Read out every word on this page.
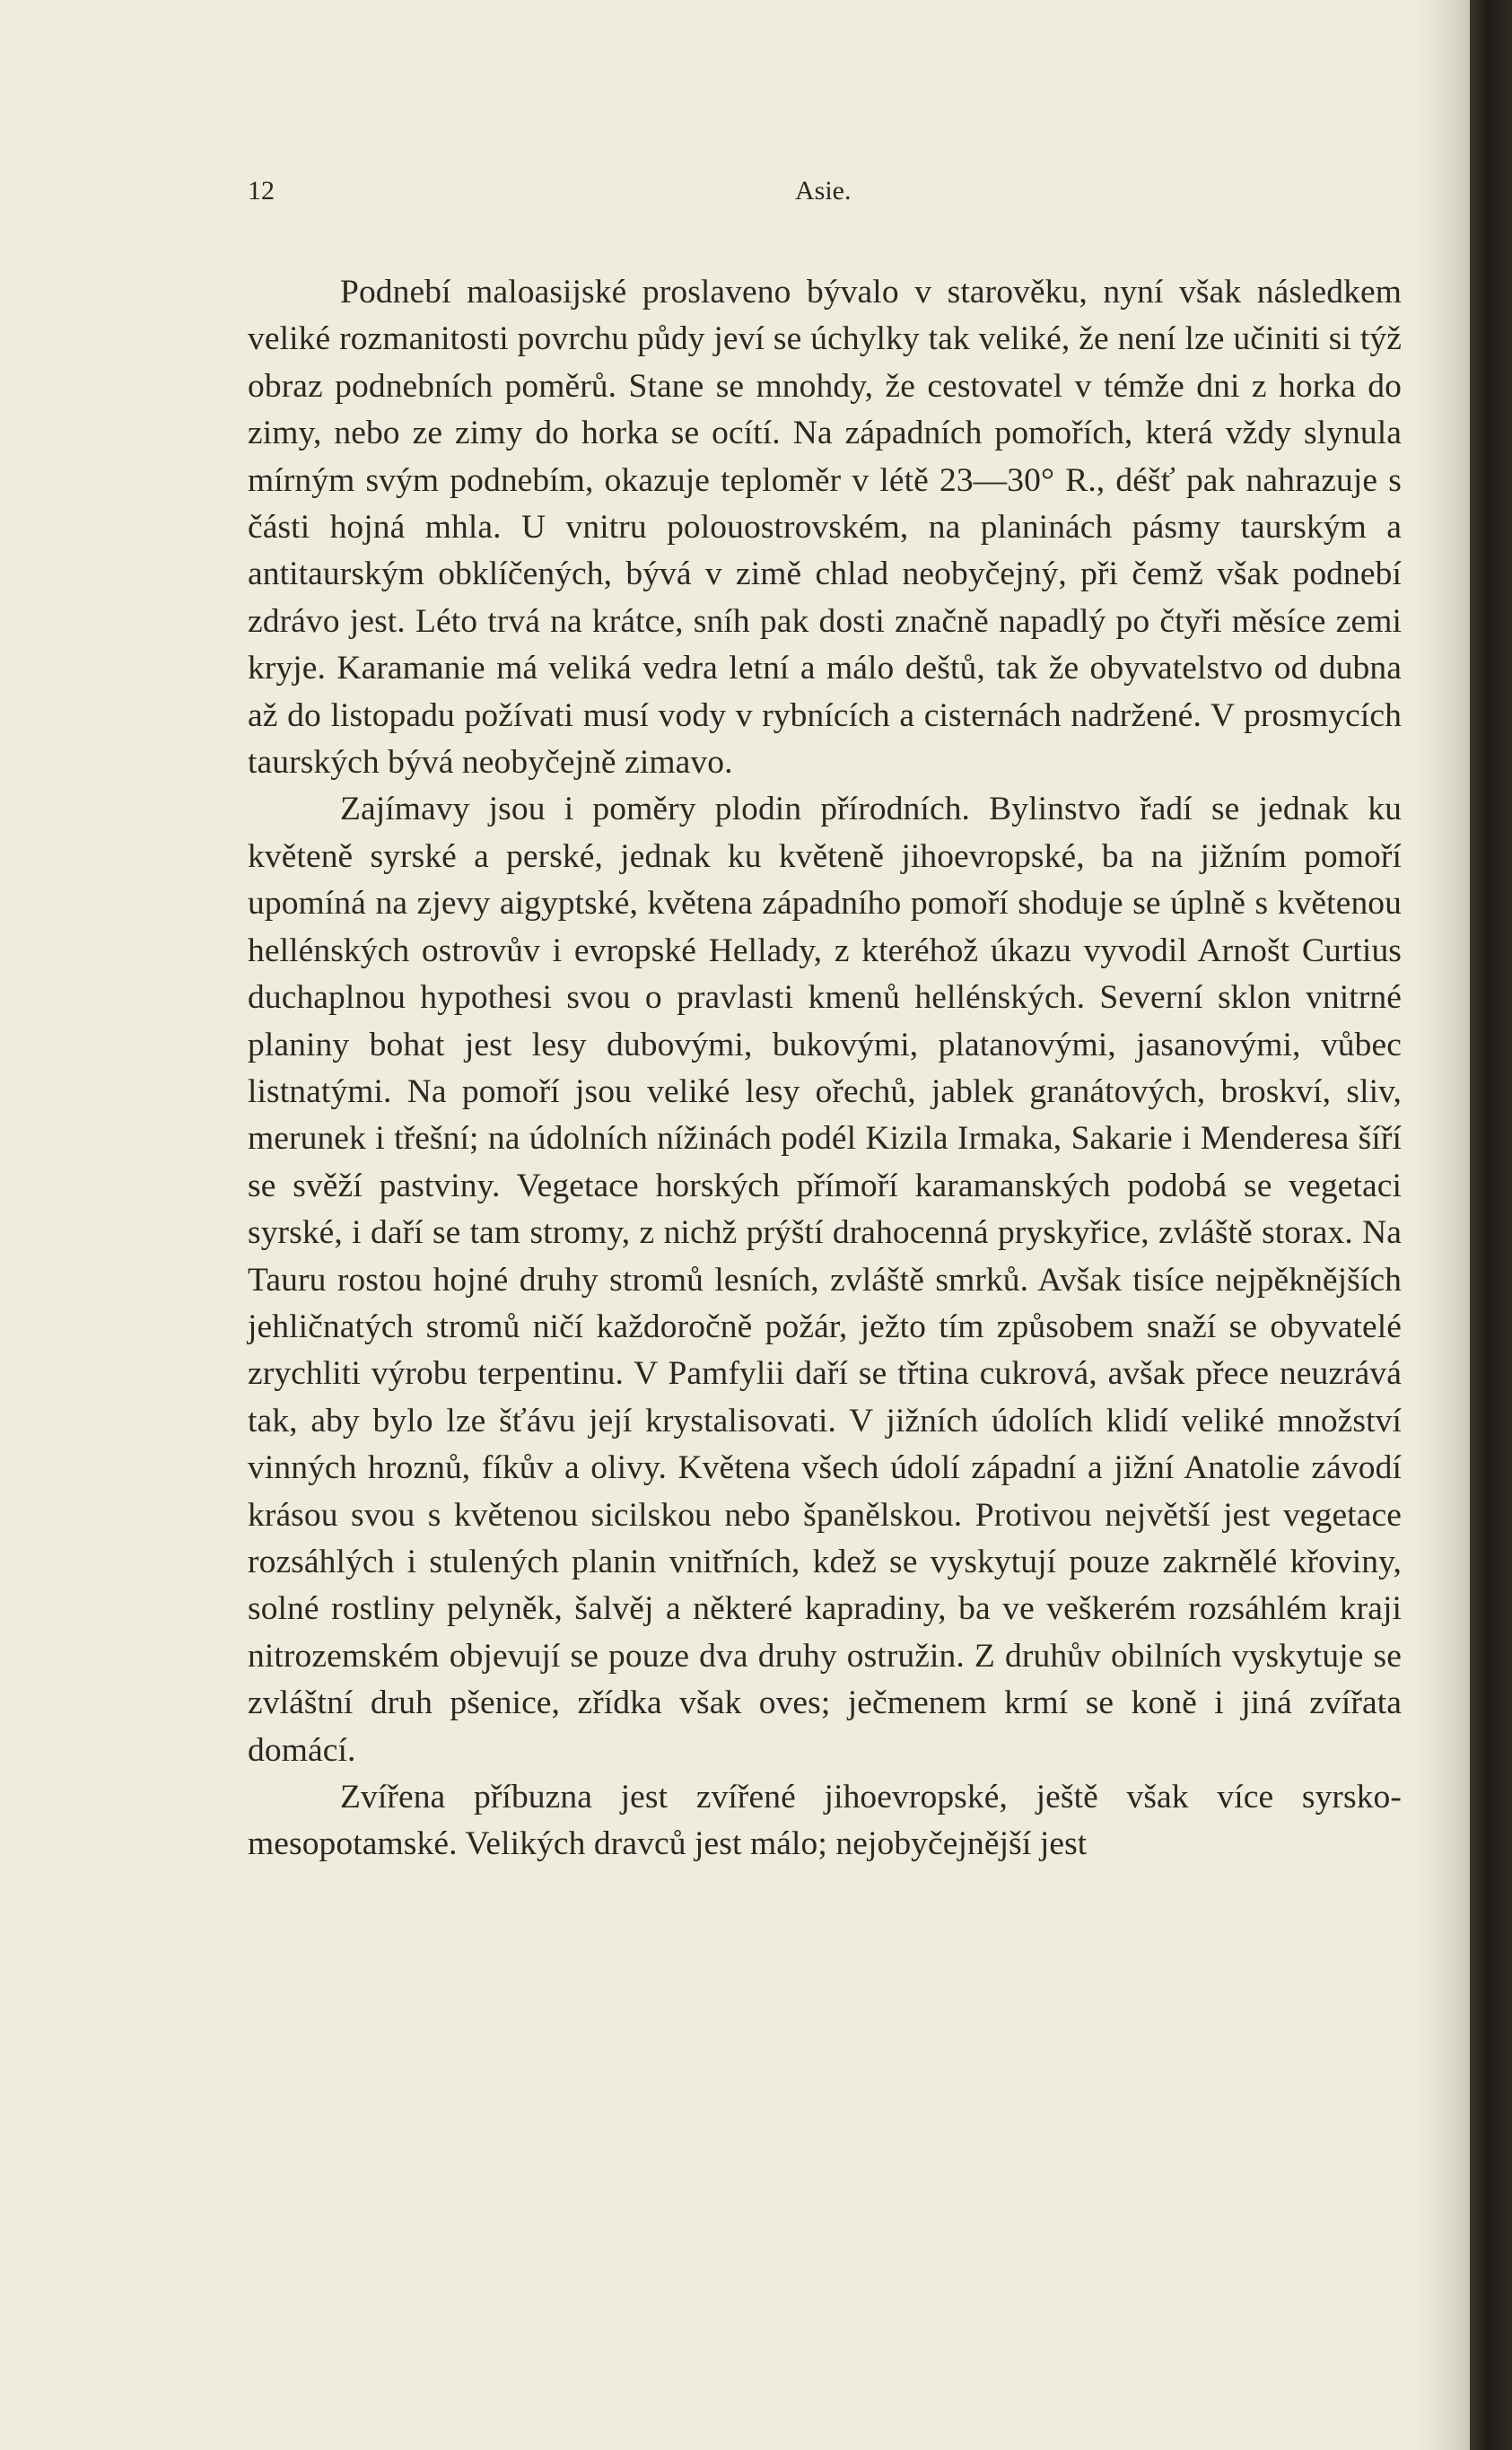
12	Asie.

Podnebí maloasijské proslaveno bývalo v starověku, nyní však následkem veliké rozmanitosti povrchu půdy jeví se úchylky tak veliké, že není lze učiniti si týž obraz podnebních poměrů. Stane se mnohdy, že cestovatel v témže dni z horka do zimy, nebo ze zimy do horka se ocítí. Na západních pomořích, která vždy slynula mírným svým podnebím, okazuje teploměr v létě 23—30° R., déšť pak nahrazuje s části hojná mhla. U vnitru polouostrovském, na planinách pásmy taurským a antitaurským obklíčených, bývá v zimě chlad neobyčejný, při čemž však podnebí zdrávo jest. Léto trvá na krátce, sníh pak dosti značně napadlý po čtyři měsíce zemi kryje. Karamanie má veliká vedra letní a málo deštů, tak že obyvatelstvo od dubna až do listopadu požívati musí vody v rybnících a cisternách nadržené. V prosmycích taurských bývá neobyčejně zimavo.

Zajímavy jsou i poměry plodin přírodních. Bylinstvo řadí se jednak ku květeně syrské a perské, jednak ku květeně jihoevropské, ba na jižním pomoří upomíná na zjevy aigyptské, květena západního pomoří shoduje se úplně s květenou hellénských ostrovův i evropské Hellady, z kteréhož úkazu vyvodil Arnošt Curtius duchaplnou hypothesi svou o pravlasti kmenů hellénských. Severní sklon vnitrné planiny bohat jest lesy dubovými, bukovými, platanovými, jasanovými, vůbec listnatými. Na pomoří jsou veliké lesy ořechů, jablek granátových, broskví, sliv, merunek i třešní; na údolních nížinách podél Kizila Irmaka, Sakarie i Menderesa šíří se svěží pastviny. Vegetace horských přímoří karamanských podobá se vegetaci syrské, i daří se tam stromy, z nichž prýští drahocenná pryskyřice, zvláště storax. Na Tauru rostou hojné druhy stromů lesních, zvláště smrků. Avšak tisíce nejpěknějších jehličnatých stromů ničí každoročně požár, ježto tím způsobem snaží se obyvatelé zrychliti výrobu terpentinu. V Pamfylii daří se třtina cukrová, avšak přece neuzrává tak, aby bylo lze šťávu její krystalisovati. V jižních údolích klidí veliké množství vinných hroznů, fíkův a olivy. Květena všech údolí západní a jižní Anatolie závodí krásou svou s květenou sicilskou nebo španělskou. Protivou největší jest vegetace rozsáhlých i stulených planin vnitřních, kdež se vyskytují pouze zakrnělé křoviny, solné rostliny pelyněk, šalvěj a některé kapradiny, ba ve veškerém rozsáhlém kraji nitrozemském objevují se pouze dva druhy ostružin. Z druhův obilních vyskytuje se zvláštní druh pšenice, zřídka však oves; ječmenem krmí se koně i jiná zvířata domácí.

Zvířena příbuzna jest zvířené jihoevropské, ještě však více syrsko-mesopotamské. Velikých dravců jest málo; nejobyčejnější jest
